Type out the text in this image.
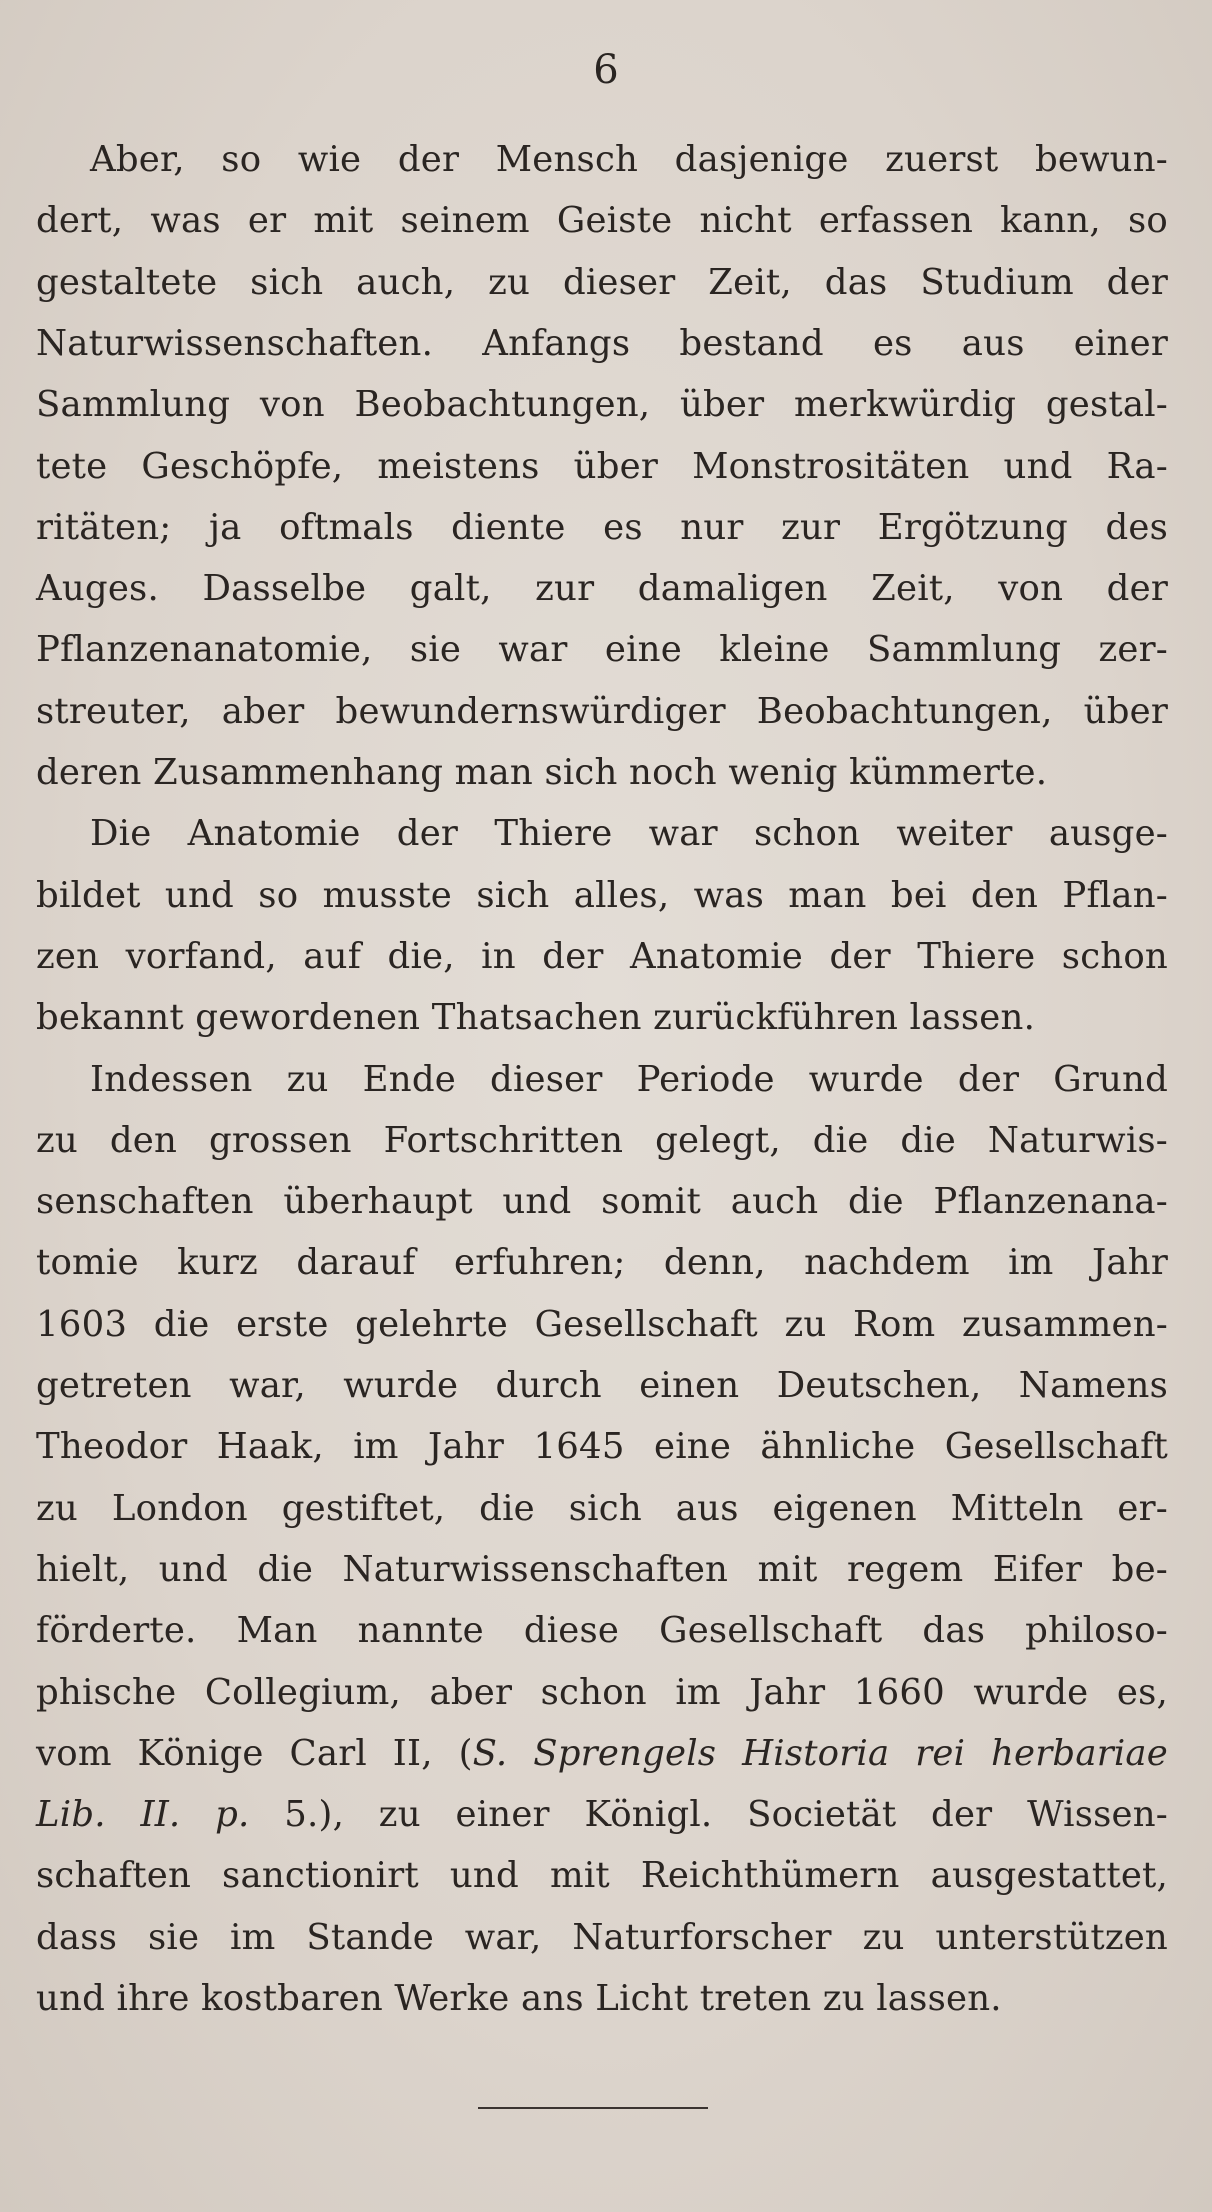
6
Aber, so wie der Mensch dasjenige zuerst bewun-
dert, was er mit seinem Geiste nicht erfassen kann, so
gestaltete sich auch, zu dieser Zeit, das Studium der
Naturwissenschaften. Anfangs bestand es aus einer
Sammlung von Beobachtungen, über merkwürdig gestal-
tete Geschöpfe, meistens über Monstrositäten und Ra-
ritäten; ja oftmals diente es nur zur Ergötzung des
Auges. Dasselbe galt, zur damaligen Zeit, von der
Pflanzenanatomie, sie war eine kleine Sammlung zer-
streuter, aber bewundernswürdiger Beobachtungen, über
deren Zusammenhang man sich noch wenig kümmerte.
Die Anatomie der Thiere war schon weiter ausge-
bildet und so musste sich alles, was man bei den Pflan-
zen vorfand, auf die, in der Anatomie der Thiere schon
bekannt gewordenen Thatsachen zurückführen lassen.
Indessen zu Ende dieser Periode wurde der Grund
zu den grossen Fortschritten gelegt, die die Naturwis-
senschaften überhaupt und somit auch die Pflanzenana-
tomie kurz darauf erfuhren; denn, nachdem im Jahr
1603 die erste gelehrte Gesellschaft zu Rom zusammen-
getreten war, wurde durch einen Deutschen, Namens
Theodor Haak, im Jahr 1645 eine ähnliche Gesellschaft
zu London gestiftet, die sich aus eigenen Mitteln er-
hielt, und die Naturwissenschaften mit regem Eifer be-
förderte. Man nannte diese Gesellschaft das philoso-
phische Collegium, aber schon im Jahr 1660 wurde es,
vom Könige Carl II, (S. Sprengels Historia rei herbariae
Lib. II. p. 5.), zu einer Königl. Societät der Wissen-
schaften sanctionirt und mit Reichthümern ausgestattet,
dass sie im Stande war, Naturforscher zu unterstützen
und ihre kostbaren Werke ans Licht treten zu lassen.
